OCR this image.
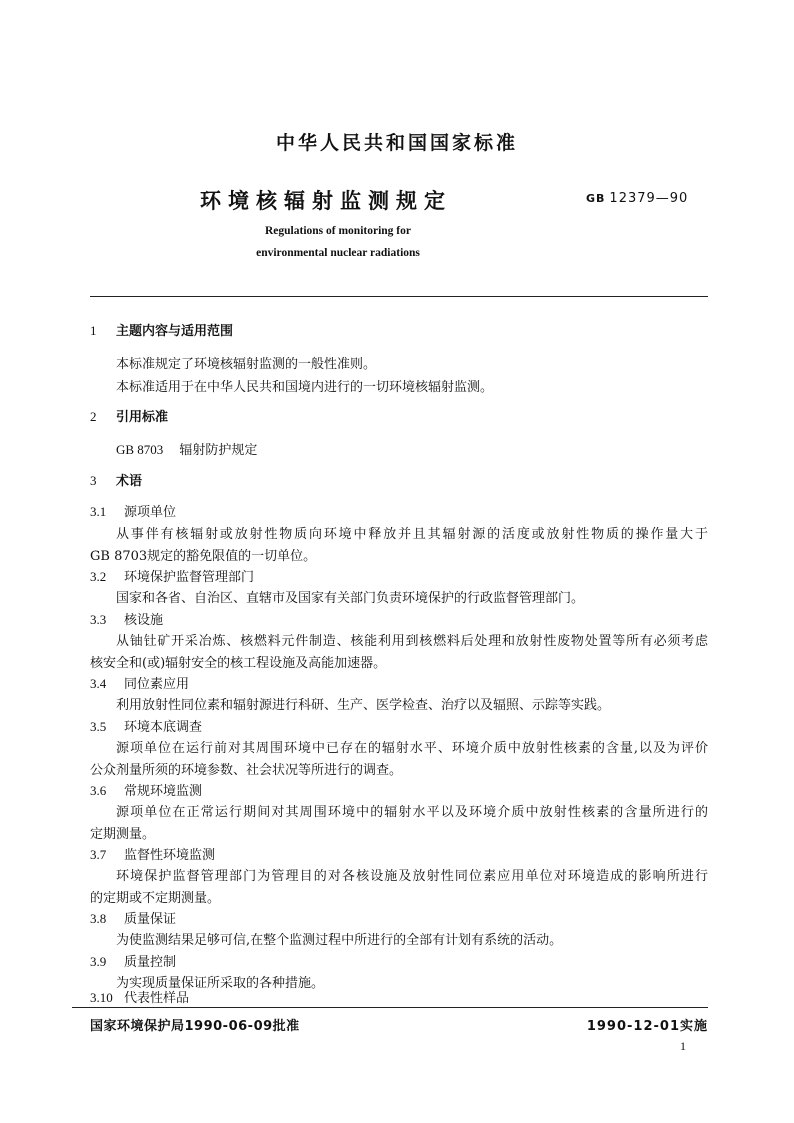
中华人民共和国国家标准
环境核辐射监测规定	GB 12379—90
Regulations of monitoring for
environmental nuclear radiations
1 主题内容与适用范围
本标准规定了环境核辐射监测的一般性准则。
本标准适用于在中华人民共和国境内进行的一切环境核辐射监测。
2 引用标准
GB 8703 辐射防护规定
3 术语
3.1 源项单位
从事伴有核辐射或放射性物质向环境中释放并且其辐射源的活度或放射性物质的操作量大于
GB 8703规定的豁免限值的一切单位。
3.2 环境保护监督管理部门
国家和各省、自治区、直辖市及国家有关部门负责环境保护的行政监督管理部门。
3.3 核设施
从铀钍矿开采冶炼、核燃料元件制造、核能利用到核燃料后处理和放射性废物处置等所有必须考虑
核安全和(或)辐射安全的核工程设施及高能加速器。
3.4 同位素应用
利用放射性同位素和辐射源进行科研、生产、医学检查、治疗以及辐照、示踪等实践。
3.5 环境本底调查
源项单位在运行前对其周围环境中已存在的辐射水平、环境介质中放射性核素的含量,以及为评价
公众剂量所须的环境参数、社会状况等所进行的调查。
3.6 常规环境监测
源项单位在正常运行期间对其周围环境中的辐射水平以及环境介质中放射性核素的含量所进行的
定期测量。
3.7 监督性环境监测
环境保护监督管理部门为管理目的对各核设施及放射性同位素应用单位对环境造成的影响所进行
的定期或不定期测量。
3.8 质量保证
为使监测结果足够可信,在整个监测过程中所进行的全部有计划有系统的活动。
3.9 质量控制
为实现质量保证所采取的各种措施。
3.10 代表性样品
国家环境保护局1990-06-09批准	1990-12-01实施
1
